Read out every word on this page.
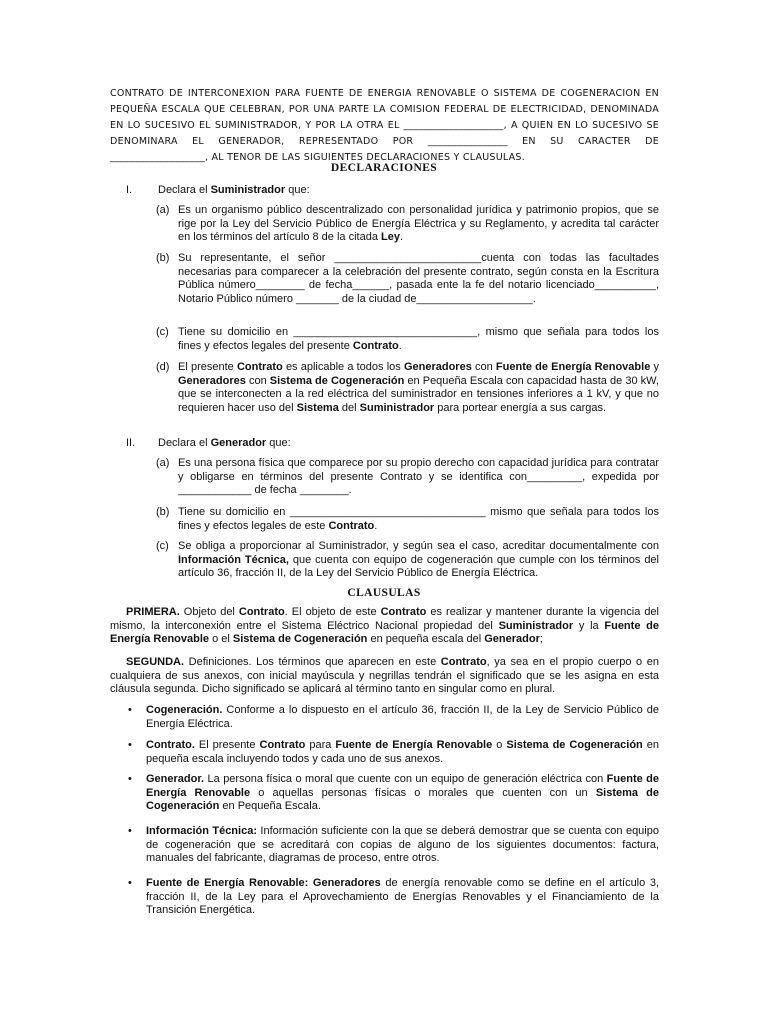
CONTRATO DE INTERCONEXION PARA FUENTE DE ENERGIA RENOVABLE O SISTEMA DE COGENERACION EN PEQUEÑA ESCALA QUE CELEBRAN, POR UNA PARTE LA COMISION FEDERAL DE ELECTRICIDAD, DENOMINADA EN LO SUCESIVO EL SUMINISTRADOR, Y POR LA OTRA EL ____________________, A QUIEN EN LO SUCESIVO SE DENOMINARA EL GENERADOR, REPRESENTADO POR ________________ EN SU CARACTER DE ___________________, AL TENOR DE LAS SIGUIENTES DECLARACIONES Y CLAUSULAS.
DECLARACIONES
I. Declara el Suministrador que:
(a) Es un organismo público descentralizado con personalidad jurídica y patrimonio propios, que se rige por la Ley del Servicio Público de Energía Eléctrica y su Reglamento, y acredita tal carácter en los términos del artículo 8 de la citada Ley.
(b) Su representante, el señor ________________________cuenta con todas las facultades necesarias para comparecer a la celebración del presente contrato, según consta en la Escritura Pública número________ de fecha______, pasada ente la fe del notario licenciado__________, Notario Público número _______ de la ciudad de___________________.
(c) Tiene su domicilio en ______________________________, mismo que señala para todos los fines y efectos legales del presente Contrato.
(d) El presente Contrato es aplicable a todos los Generadores con Fuente de Energía Renovable y Generadores con Sistema de Cogeneración en Pequeña Escala con capacidad hasta de 30 kW, que se interconecten a la red eléctrica del suministrador en tensiones inferiores a 1 kV, y que no requieren hacer uso del Sistema del Suministrador para portear energía a sus cargas.
II. Declara el Generador que:
(a) Es una persona física que comparece por su propio derecho con capacidad jurídica para contratar y obligarse en términos del presente Contrato y se identifica con_________, expedida por ____________ de fecha ________.
(b) Tiene su domicilio en ________________________________ mismo que señala para todos los fines y efectos legales de este Contrato.
(c) Se obliga a proporcionar al Suministrador, y según sea el caso, acreditar documentalmente con Información Técnica, que cuenta con equipo de cogeneración que cumple con los términos del artículo 36, fracción II, de la Ley del Servicio Público de Energía Eléctrica.
CLAUSULAS
PRIMERA. Objeto del Contrato. El objeto de este Contrato es realizar y mantener durante la vigencia del mismo, la interconexión entre el Sistema Eléctrico Nacional propiedad del Suministrador y la Fuente de Energía Renovable o el Sistema de Cogeneración en pequeña escala del Generador;
SEGUNDA. Definiciones. Los términos que aparecen en este Contrato, ya sea en el propio cuerpo o en cualquiera de sus anexos, con inicial mayúscula y negrillas tendrán el significado que se les asigna en esta cláusula segunda. Dicho significado se aplicará al término tanto en singular como en plural.
• Cogeneración. Conforme a lo dispuesto en el artículo 36, fracción II, de la Ley de Servicio Público de Energía Eléctrica.
• Contrato. El presente Contrato para Fuente de Energía Renovable o Sistema de Cogeneración en pequeña escala incluyendo todos y cada uno de sus anexos.
• Generador. La persona física o moral que cuente con un equipo de generación eléctrica con Fuente de Energía Renovable o aquellas personas físicas o morales que cuenten con un Sistema de Cogeneración en Pequeña Escala.
• Información Técnica: Información suficiente con la que se deberá demostrar que se cuenta con equipo de cogeneración que se acreditará con copias de alguno de los siguientes documentos: factura, manuales del fabricante, diagramas de proceso, entre otros.
• Fuente de Energía Renovable: Generadores de energía renovable como se define en el artículo 3, fracción II, de la Ley para el Aprovechamiento de Energías Renovables y el Financiamiento de la Transición Energética.
